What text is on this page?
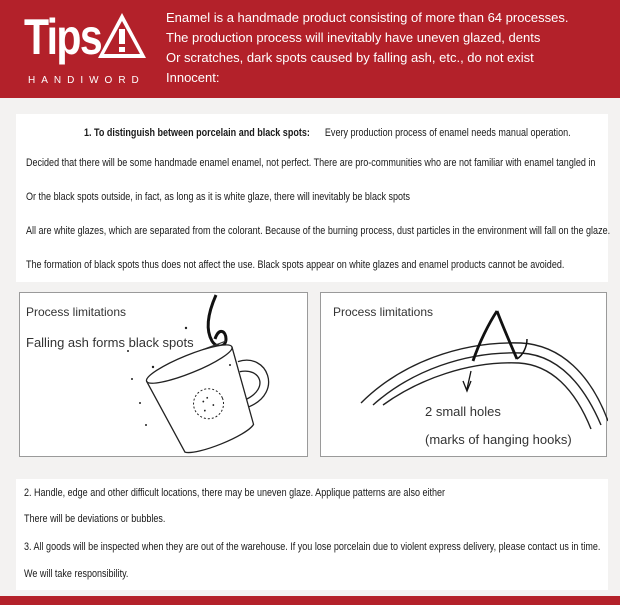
Tips
HANDIWORD
Enamel is a handmade product consisting of more than 64 processes.
The production process will inevitably have uneven glazed, dents
Or scratches, dark spots caused by falling ash, etc., do not exist
Innocent:
1. To distinguish between porcelain and black spots: Every production process of enamel needs manual operation.
Decided that there will be some handmade enamel enamel, not perfect. There are pro-communities who are not familiar with enamel tangled in
Or the black spots outside, in fact, as long as it is white glaze, there will inevitably be black spots
All are white glazes, which are separated from the colorant. Because of the burning process, dust particles in the environment will fall on the glaze.
The formation of black spots thus does not affect the use. Black spots appear on white glazes and enamel products cannot be avoided.
Process limitations
Falling ash forms black spots
Process limitations
2 small holes
(marks of hanging hooks)
2. Handle, edge and other difficult locations, there may be uneven glaze. Applique patterns are also either
There will be deviations or bubbles.
3. All goods will be inspected when they are out of the warehouse. If you lose porcelain due to violent express delivery, please contact us in time.
We will take responsibility.
